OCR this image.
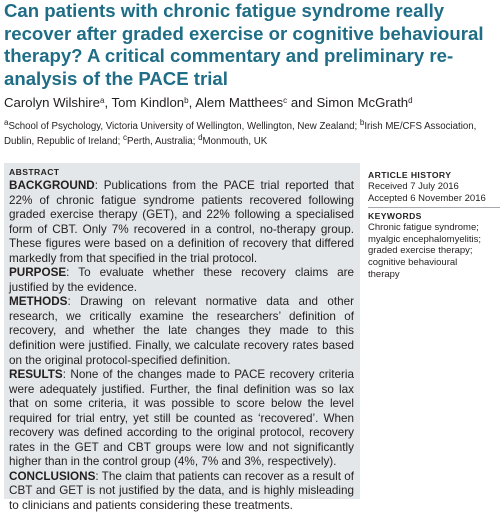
Can patients with chronic fatigue syndrome really recover after graded exercise or cognitive behavioural therapy? A critical commentary and preliminary re-analysis of the PACE trial
Carolyn Wilshire$^a$, Tom Kindlon$^b$, Alem Matthees$^c$ and Simon McGrath$^d$
$^a$School of Psychology, Victoria University of Wellington, Wellington, New Zealand; $^b$Irish ME/CFS Association,
Dublin, Republic of Ireland; $^c$Perth, Australia; $^d$Monmouth, UK
ABSTRACT

BACKGROUND: Publications from the PACE trial reported that 22% of chronic fatigue syndrome patients recovered following graded exercise therapy (GET), and 22% following a specialised form of CBT. Only 7% recovered in a control, no-therapy group. These figures were based on a definition of recovery that differed markedly from that specified in the trial protocol.

PURPOSE: To evaluate whether these recovery claims are justified by the evidence.

METHODS: Drawing on relevant normative data and other research, we critically examine the researchers’ definition of recovery, and whether the late changes they made to this definition were justified. Finally, we calculate recovery rates based on the original protocol-specified definition.

RESULTS: None of the changes made to PACE recovery criteria were adequately justified. Further, the final definition was so lax that on some criteria, it was possible to score below the level required for trial entry, yet still be counted as ‘recovered’. When recovery was defined according to the original protocol, recovery rates in the GET and CBT groups were low and not significantly higher than in the control group (4%, 7% and 3%, respectively).

CONCLUSIONS: The claim that patients can recover as a result of CBT and GET is not justified by the data, and is highly misleading to clinicians and patients considering these treatments.

ARTICLE HISTORY
Received 7 July 2016
Accepted 6 November 2016
KEYWORDS
Chronic fatigue syndrome;
myalgic encephalomyelitis;
graded exercise therapy;
cognitive behavioural
therapy
